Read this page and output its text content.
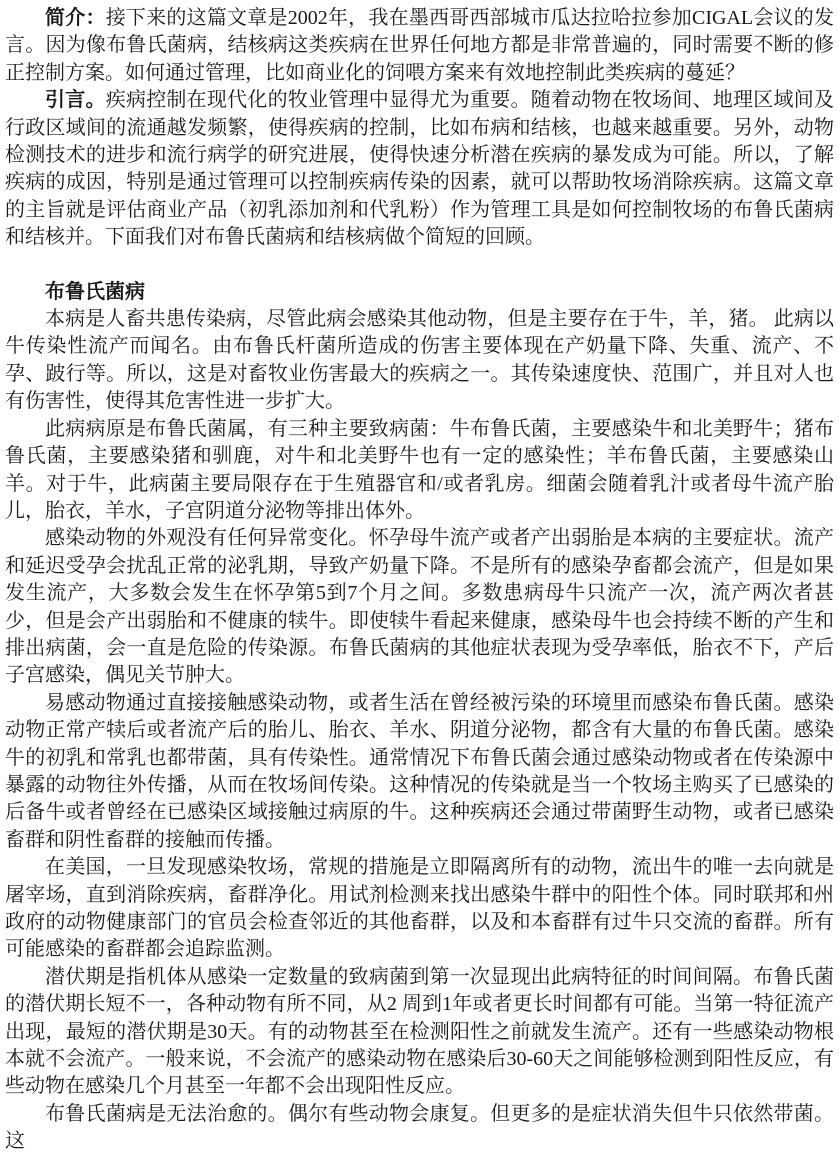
简介：接下来的这篇文章是2002年，我在墨西哥西部城市瓜达拉哈拉参加CIGAL会议的发言。因为像布鲁氏菌病，结核病这类疾病在世界任何地方都是非常普遍的，同时需要不断的修正控制方案。如何通过管理，比如商业化的饲喂方案来有效地控制此类疾病的蔓延？

引言。疾病控制在现代化的牧业管理中显得尤为重要。随着动物在牧场间、地理区域间及行政区域间的流通越发频繁，使得疾病的控制，比如布病和结核，也越来越重要。另外，动物检测技术的进步和流行病学的研究进展，使得快速分析潜在疾病的暴发成为可能。所以，了解疾病的成因，特别是通过管理可以控制疾病传染的因素，就可以帮助牧场消除疾病。这篇文章的主旨就是评估商业产品（初乳添加剂和代乳粉）作为管理工具是如何控制牧场的布鲁氏菌病和结核并。下面我们对布鲁氏菌病和结核病做个简短的回顾。

布鲁氏菌病

本病是人畜共患传染病，尽管此病会感染其他动物，但是主要存在于牛，羊，猪。 此病以牛传染性流产而闻名。由布鲁氏杆菌所造成的伤害主要体现在产奶量下降、失重、流产、不孕、跛行等。所以，这是对畜牧业伤害最大的疾病之一。其传染速度快、范围广，并且对人也有伤害性，使得其危害性进一步扩大。

此病病原是布鲁氏菌属，有三种主要致病菌：牛布鲁氏菌，主要感染牛和北美野牛；猪布鲁氏菌，主要感染猪和驯鹿，对牛和北美野牛也有一定的感染性；羊布鲁氏菌，主要感染山羊。对于牛，此病菌主要局限存在于生殖器官和/或者乳房。细菌会随着乳汁或者母牛流产胎儿，胎衣，羊水，子宫阴道分泌物等排出体外。

感染动物的外观没有任何异常变化。怀孕母牛流产或者产出弱胎是本病的主要症状。流产和延迟受孕会扰乱正常的泌乳期，导致产奶量下降。不是所有的感染孕畜都会流产，但是如果发生流产，大多数会发生在怀孕第5到7个月之间。多数患病母牛只流产一次，流产两次者甚少，但是会产出弱胎和不健康的犊牛。即使犊牛看起来健康，感染母牛也会持续不断的产生和排出病菌，会一直是危险的传染源。布鲁氏菌病的其他症状表现为受孕率低，胎衣不下，产后子宫感染，偶见关节肿大。

易感动物通过直接接触感染动物，或者生活在曾经被污染的环境里而感染布鲁氏菌。感染动物正常产犊后或者流产后的胎儿、胎衣、羊水、阴道分泌物，都含有大量的布鲁氏菌。感染牛的初乳和常乳也都带菌，具有传染性。通常情况下布鲁氏菌会通过感染动物或者在传染源中暴露的动物往外传播，从而在牧场间传染。这种情况的传染就是当一个牧场主购买了已感染的后备牛或者曾经在已感染区域接触过病原的牛。这种疾病还会通过带菌野生动物，或者已感染畜群和阴性畜群的接触而传播。

在美国，一旦发现感染牧场，常规的措施是立即隔离所有的动物，流出牛的唯一去向就是屠宰场，直到消除疾病，畜群净化。用试剂检测来找出感染牛群中的阳性个体。同时联邦和州政府的动物健康部门的官员会检查邻近的其他畜群，以及和本畜群有过牛只交流的畜群。所有可能感染的畜群都会追踪监测。

潜伏期是指机体从感染一定数量的致病菌到第一次显现出此病特征的时间间隔。布鲁氏菌的潜伏期长短不一，各种动物有所不同，从2 周到1年或者更长时间都有可能。当第一特征流产出现，最短的潜伏期是30天。有的动物甚至在检测阳性之前就发生流产。还有一些感染动物根本就不会流产。一般来说，不会流产的感染动物在感染后30-60天之间能够检测到阳性反应，有些动物在感染几个月甚至一年都不会出现阳性反应。

布鲁氏菌病是无法治愈的。偶尔有些动物会康复。但更多的是症状消失但牛只依然带菌。这
